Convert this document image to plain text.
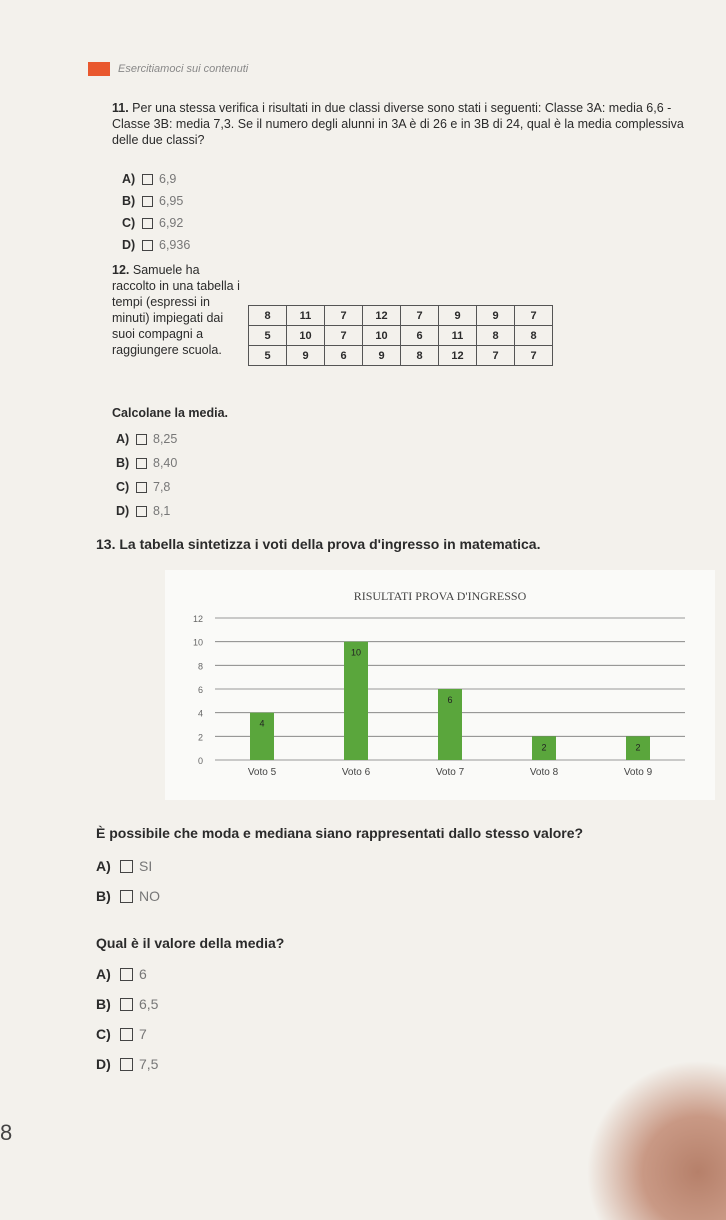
Esercitiamoci sui contenuti
11. Per una stessa verifica i risultati in due classi diverse sono stati i seguenti: Classe 3A: media 6,6 - Classe 3B: media 7,3. Se il numero degli alunni in 3A è di 26 e in 3B di 24, qual è la media complessiva delle due classi?
A)	6,9
B)	6,95
C)	6,92
D)	6,936
12. Samuele ha raccolto in una tabella i tempi (espressi in minuti) impiegati dai suoi compagni a raggiungere scuola.
8	11	7	12	7	9	9	7
5	10	7	10	6	11	8	8
5	9	6	9	8	12	7	7
Calcolane la media.
A)	8,25
B)	8,40
C)	7,8
D)	8,1
13. La tabella sintetizza i voti della prova d'ingresso in matematica.
RISULTATI PROVA D'INGRESSO
0
2
4
6
8
10
12
4
Voto 5
10
Voto 6
6
Voto 7
2
Voto 8
2
Voto 9
È possibile che moda e mediana siano rappresentati dallo stesso valore?
A)	SI
B)	NO
Qual è il valore della media?
A)	6
B)	6,5
C)	7
D)	7,5
8
